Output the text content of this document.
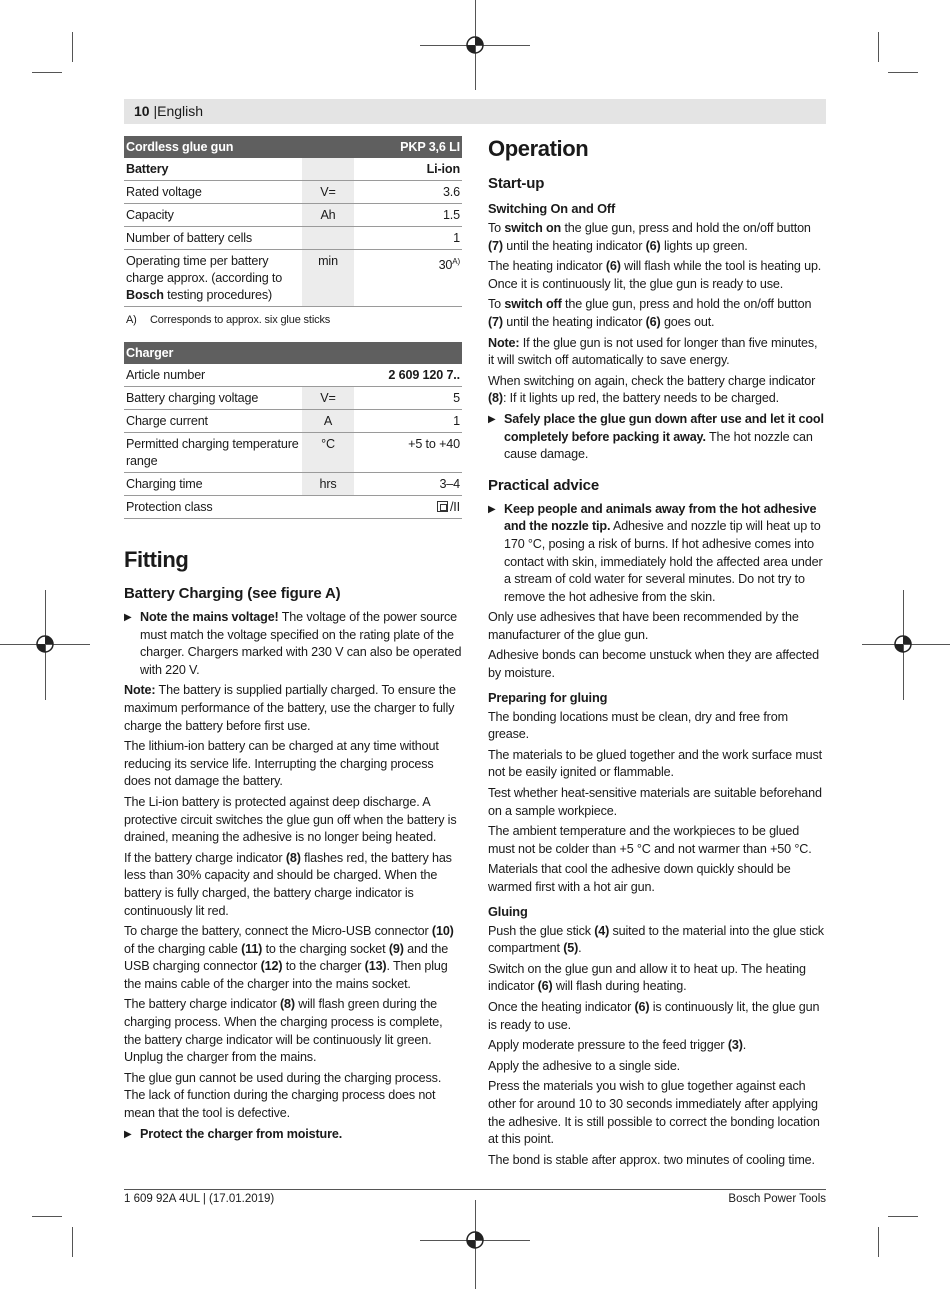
10 |English
Cordless glue gun		PKP 3,6 LI
Battery		Li-ion
Rated voltage	V=	3.6
Capacity	Ah	1.5
Number of battery cells		1
Operating time per battery charge approx. (according to Bosch testing procedures)	min	$30^{A)}$
A) Corresponds to approx. six glue sticks
Charger		
Article number		2 609 120 7..
Battery charging voltage	V=	5
Charge current	A	1
Permitted charging temperature range	°C	+5 to +40
Charging time	hrs	3–4
Protection class		/II
Fitting
Battery Charging (see figure A)
▶ Note the mains voltage! The voltage of the power source must match the voltage specified on the rating plate of the charger. Chargers marked with 230 V can also be operated with 220 V.

Note: The battery is supplied partially charged. To ensure the maximum performance of the battery, use the charger to fully charge the battery before first use.

The lithium-ion battery can be charged at any time without reducing its service life. Interrupting the charging process does not damage the battery.

The Li-ion battery is protected against deep discharge. A protective circuit switches the glue gun off when the battery is drained, meaning the adhesive is no longer being heated.

If the battery charge indicator (8) flashes red, the battery has less than 30% capacity and should be charged. When the battery is fully charged, the battery charge indicator is continuously lit red.

To charge the battery, connect the Micro-USB connector (10) of the charging cable (11) to the charging socket (9) and the USB charging connector (12) to the charger (13). Then plug the mains cable of the charger into the mains socket.

The battery charge indicator (8) will flash green during the charging process. When the charging process is complete, the battery charge indicator will be continuously lit green. Unplug the charger from the mains.

The glue gun cannot be used during the charging process. The lack of function during the charging process does not mean that the tool is defective.

▶ Protect the charger from moisture.
Operation
Start-up
Switching On and Off

To switch on the glue gun, press and hold the on/off button (7) until the heating indicator (6) lights up green.

The heating indicator (6) will flash while the tool is heating up. Once it is continuously lit, the glue gun is ready to use.

To switch off the glue gun, press and hold the on/off button (7) until the heating indicator (6) goes out.

Note: If the glue gun is not used for longer than five minutes, it will switch off automatically to save energy.

When switching on again, check the battery charge indicator (8): If it lights up red, the battery needs to be charged.

▶ Safely place the glue gun down after use and let it cool completely before packing it away. The hot nozzle can cause damage.
Practical advice
▶ Keep people and animals away from the hot adhesive and the nozzle tip. Adhesive and nozzle tip will heat up to 170 °C, posing a risk of burns. If hot adhesive comes into contact with skin, immediately hold the affected area under a stream of cold water for several minutes. Do not try to remove the hot adhesive from the skin.

Only use adhesives that have been recommended by the manufacturer of the glue gun.

Adhesive bonds can become unstuck when they are affected by moisture.

Preparing for gluing

The bonding locations must be clean, dry and free from grease.

The materials to be glued together and the work surface must not be easily ignited or flammable.

Test whether heat-sensitive materials are suitable beforehand on a sample workpiece.

The ambient temperature and the workpieces to be glued must not be colder than +5 °C and not warmer than +50 °C.

Materials that cool the adhesive down quickly should be warmed first with a hot air gun.

Gluing

Push the glue stick (4) suited to the material into the glue stick compartment (5).

Switch on the glue gun and allow it to heat up. The heating indicator (6) will flash during heating.

Once the heating indicator (6) is continuously lit, the glue gun is ready to use.

Apply moderate pressure to the feed trigger (3).

Apply the adhesive to a single side.

Press the materials you wish to glue together against each other for around 10 to 30 seconds immediately after applying the adhesive. It is still possible to correct the bonding location at this point.

The bond is stable after approx. two minutes of cooling time.

1 609 92A 4UL | (17.01.2019)	Bosch Power Tools
